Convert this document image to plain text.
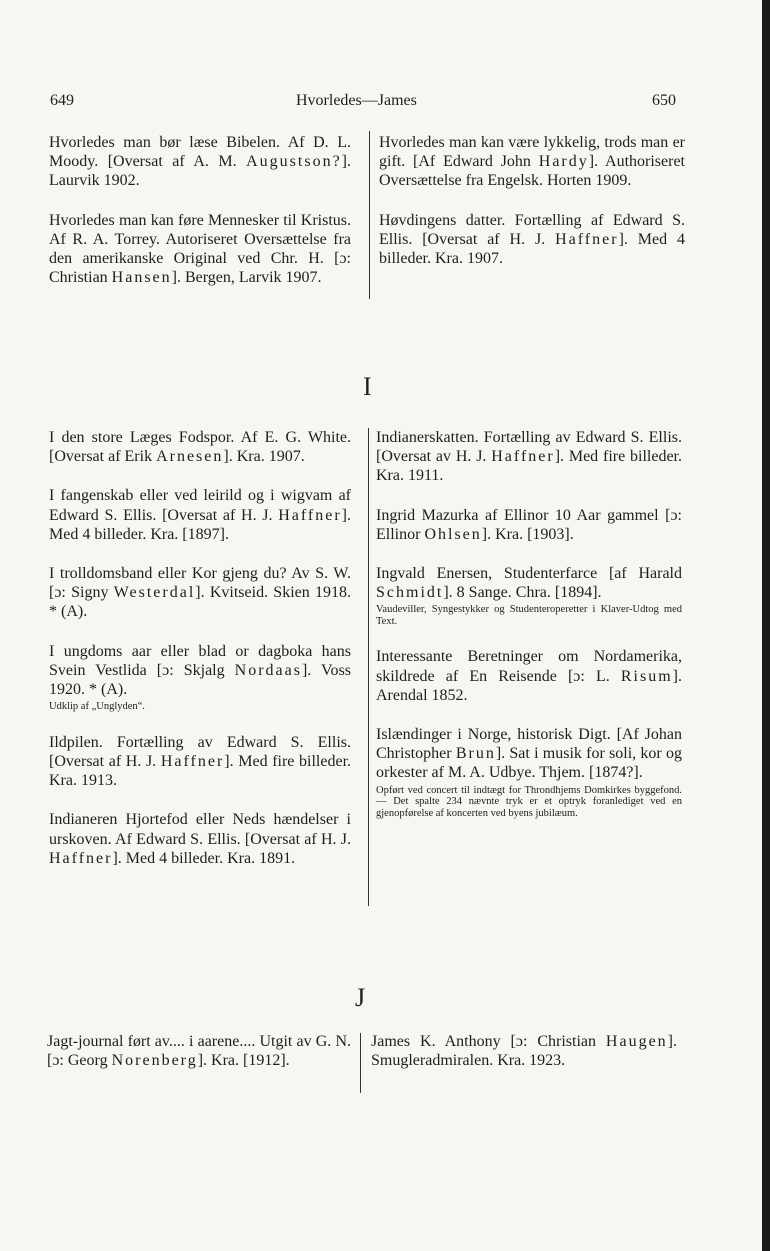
649	Hvorledes—James	650

Hvorledes man bør læse Bibelen. Af D. L. Moody. [Oversat af A. M. Augustson?]. Laurvik 1902.

Hvorledes man kan føre Mennesker til Kristus. Af R. A. Torrey. Autoriseret Oversættelse fra den amerikanske Original ved Chr. H. [ɔ: Christian Hansen]. Bergen, Larvik 1907.

Hvorledes man kan være lykkelig, trods man er gift. [Af Edward John Hardy]. Authoriseret Oversættelse fra Engelsk. Horten 1909.

Høvdingens datter. Fortælling af Edward S. Ellis. [Oversat af H. J. Haffner]. Med 4 billeder. Kra. 1907.

I

I den store Læges Fodspor. Af E. G. White. [Oversat af Erik Arnesen]. Kra. 1907.

I fangenskab eller ved leirild og i wigvam af Edward S. Ellis. [Oversat af H. J. Haffner]. Med 4 billeder. Kra. [1897].

I trolldomsband eller Kor gjeng du? Av S. W. [ɔ: Signy Westerdal]. Kvitseid. Skien 1918. * (A).

I ungdoms aar eller blad or dagboka hans Svein Vestlida [ɔ: Skjalg Nordaas]. Voss 1920. * (A).
Udklip af „Unglyden“.

Ildpilen. Fortælling av Edward S. Ellis. [Oversat af H. J. Haffner]. Med fire billeder. Kra. 1913.

Indianeren Hjortefod eller Neds hændelser i urskoven. Af Edward S. Ellis. [Oversat af H. J. Haffner]. Med 4 billeder. Kra. 1891.

Indianerskatten. Fortælling av Edward S. Ellis. [Oversat av H. J. Haffner]. Med fire billeder. Kra. 1911.

Ingrid Mazurka af Ellinor 10 Aar gammel [ɔ: Ellinor Ohlsen]. Kra. [1903].

Ingvald Enersen, Studenterfarce [af Harald Schmidt]. 8 Sange. Chra. [1894].
Vaudeviller, Syngestykker og Studenteroperetter i Klaver-Udtog med Text.

Interessante Beretninger om Nordamerika, skildrede af En Reisende [ɔ: L. Risum]. Arendal 1852.

Islændinger i Norge, historisk Digt. [Af Johan Christopher Brun]. Sat i musik for soli, kor og orkester af M. A. Udbye. Thjem. [1874?].
Opført ved concert til indtægt for Throndhjems Domkirkes byggefond. — Det spalte 234 nævnte tryk er et optryk foranlediget ved en gjenopførelse af koncerten ved byens jubilæum.

J

Jagt-journal ført av.... i aarene.... Utgit av G. N. [ɔ: Georg Norenberg]. Kra. [1912].

James K. Anthony [ɔ: Christian Haugen]. Smugleradmiralen. Kra. 1923.
